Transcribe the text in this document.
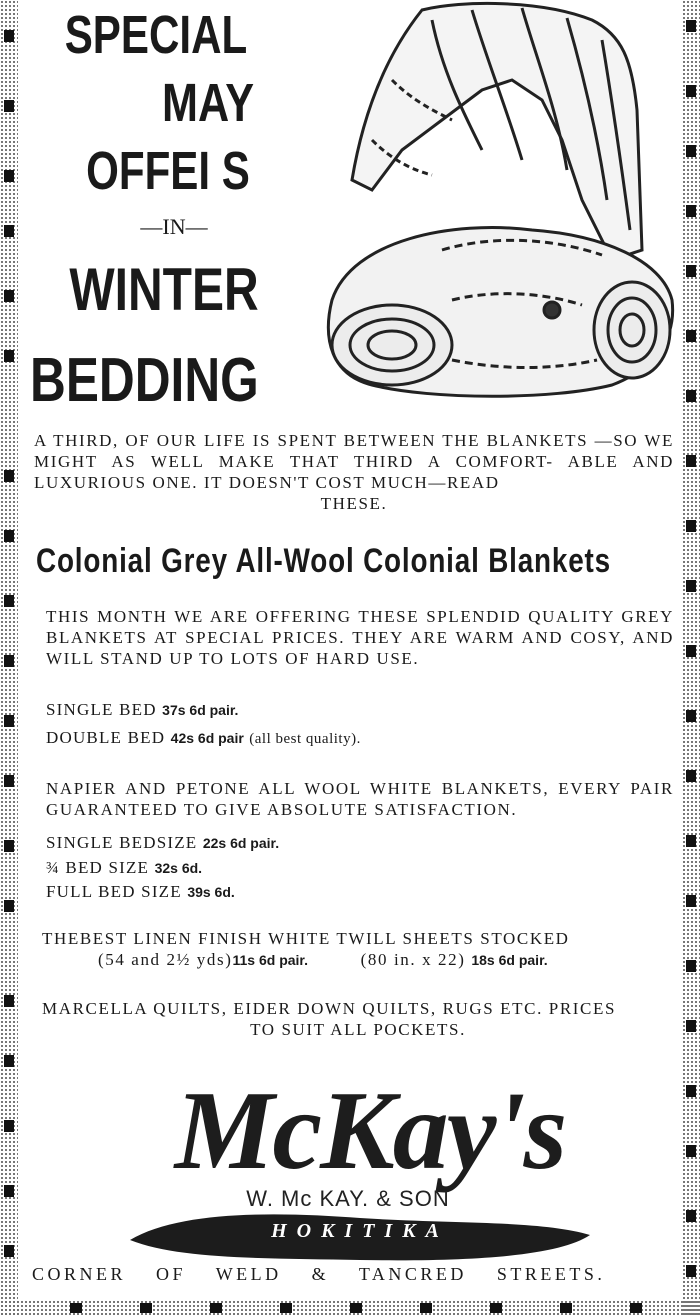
SPECIAL
MAY
OFFEI S
—IN—
WINTER
BEDDING
A THIRD, OF OUR LIFE IS SPENT BETWEEN THE BLANKETS —SO WE MIGHT AS WELL MAKE THAT THIRD A COMFORT- ABLE AND LUXURIOUS ONE. IT DOESN'T COST MUCH—READ
THESE.
Colonial Grey All-Wool Colonial Blankets
THIS MONTH WE ARE OFFERING THESE SPLENDID QUALITY GREY BLANKETS AT SPECIAL PRICES. THEY ARE WARM AND COSY, AND WILL STAND UP TO LOTS OF HARD USE.
SINGLE BED 37s 6d pair.
DOUBLE BED 42s 6d pair (all best quality).
NAPIER AND PETONE ALL WOOL WHITE BLANKETS, EVERY PAIR GUARANTEED TO GIVE ABSOLUTE SATISFACTION.
SINGLE BEDSIZE 22s 6d pair.
¾ BED SIZE 32s 6d.
FULL BED SIZE 39s 6d.
THEBEST LINEN FINISH WHITE TWILL SHEETS STOCKED
(54 and 2½ yds)11s 6d pair.	(80 in. x 22) 18s 6d pair.
MARCELLA QUILTS, EIDER DOWN QUILTS, RUGS ETC. PRICES
TO SUIT ALL POCKETS.
McKay's
W. Mc KAY. & SON
HOKITIKA
CORNER OF WELD & TANCRED STREETS.
